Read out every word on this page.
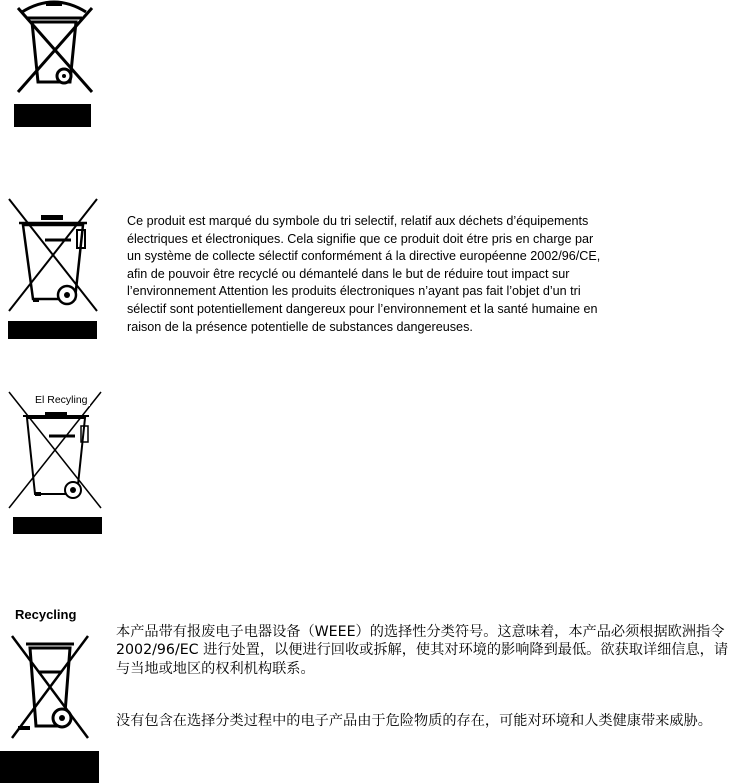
Ce produit est marqué du symbole du tri selectif, relatif aux déchets d’équipements
électriques et électroniques. Cela signifie que ce produit doit étre pris en charge par
un système de collecte sélectif conformément á la directive européenne 2002/96/CE,
afin de pouvoir être recyclé ou démantelé dans le but de réduire tout impact sur
l’environnement Attention les produits électroniques n’ayant pas fait l’objet d’un tri
sélectif sont potentiellement dangereux pour l’environnement et la santé humaine en
raison de la présence potentielle de substances dangereuses.
El Recyling
Recycling
本产品带有报废电子电器设备（WEEE）的选择性分类符号。这意味着，本产品必须根据欧洲指令 2002/96/EC 进行处置，以便进行回收或拆解，使其对环境的影响降到最低。欲获取详细信息，请与当地或地区的权利机构联系。
没有包含在选择分类过程中的电子产品由于危险物质的存在，可能对环境和人类健康带来威胁。
